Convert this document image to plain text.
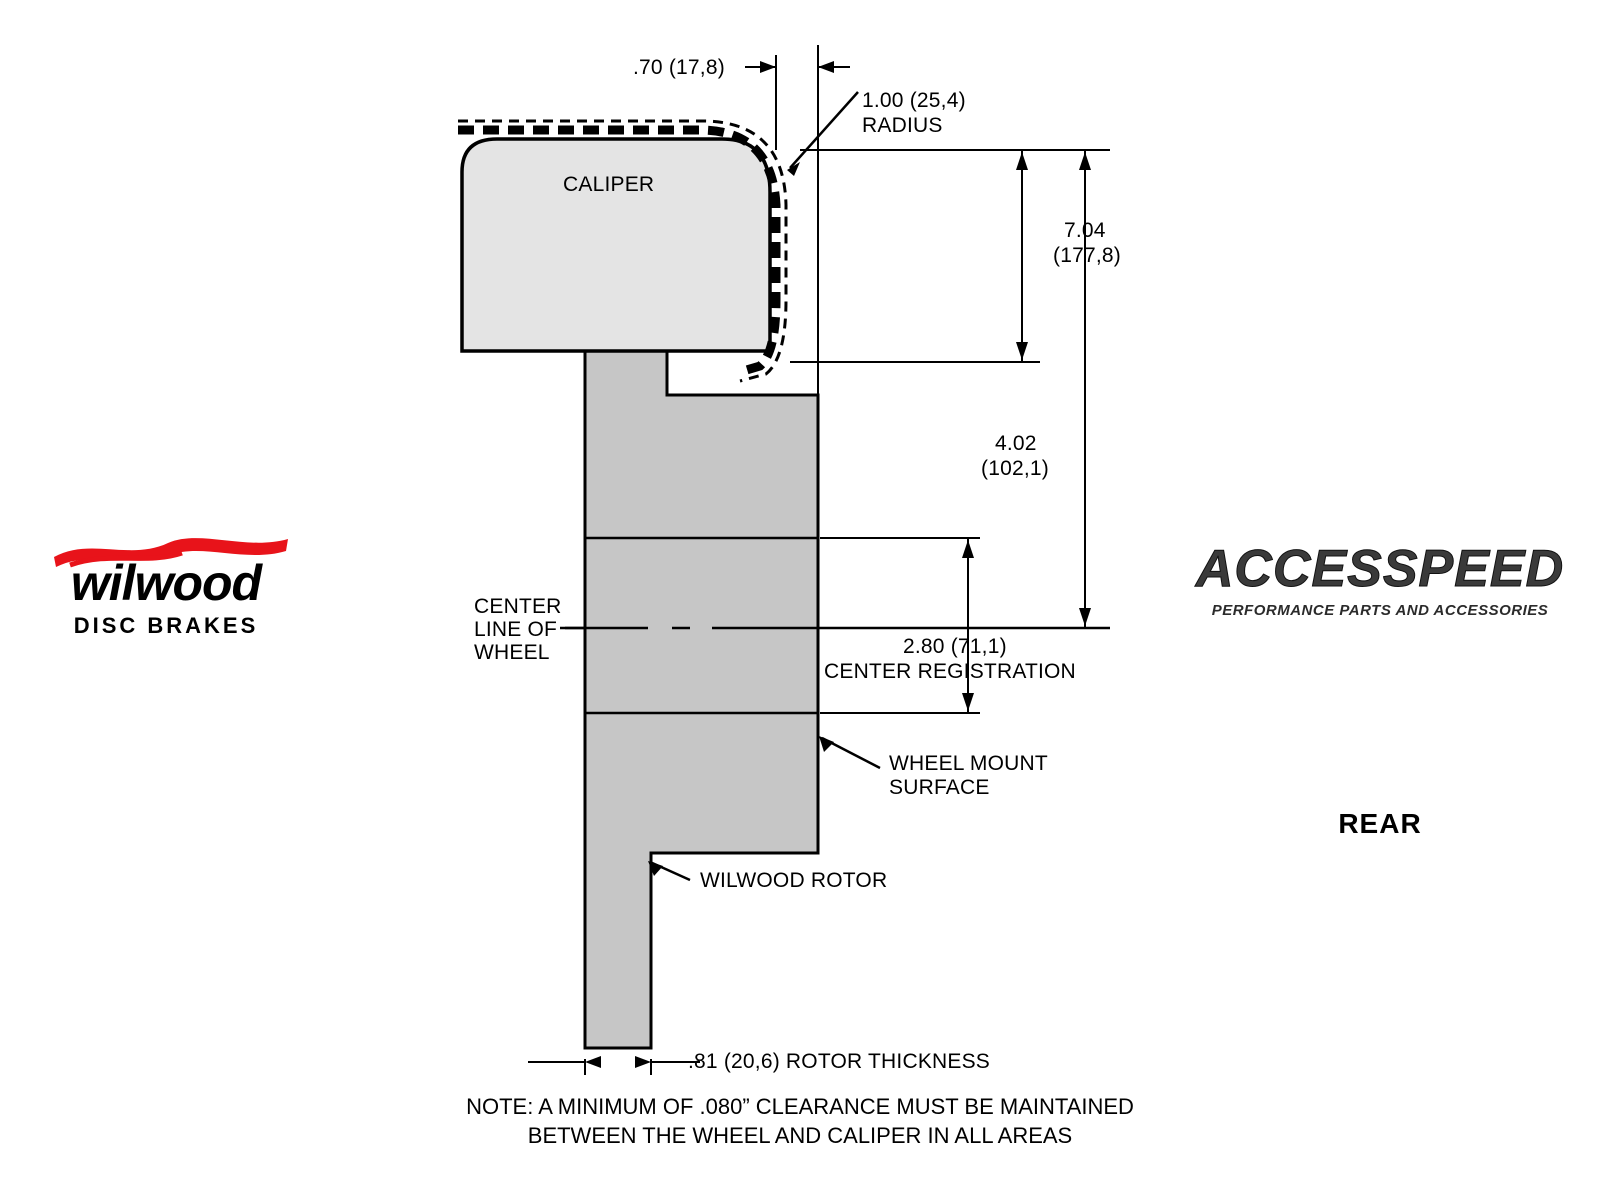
.70 (17,8)
1.00 (25,4)
RADIUS
CALIPER
7.04
(177,8)
4.02
(102,1)
CENTER
LINE OF
WHEEL	2.80 (71,1)
CENTER REGISTRATION
WHEEL MOUNT
SURFACE
WILWOOD ROTOR
.81 (20,6) ROTOR THICKNESS
NOTE: A MINIMUM OF .080” CLEARANCE MUST BE MAINTAINED
BETWEEN THE WHEEL AND CALIPER IN ALL AREAS
wilwood
DISC BRAKES
ACCESSPEED
PERFORMANCE PARTS AND ACCESSORIES
REAR
